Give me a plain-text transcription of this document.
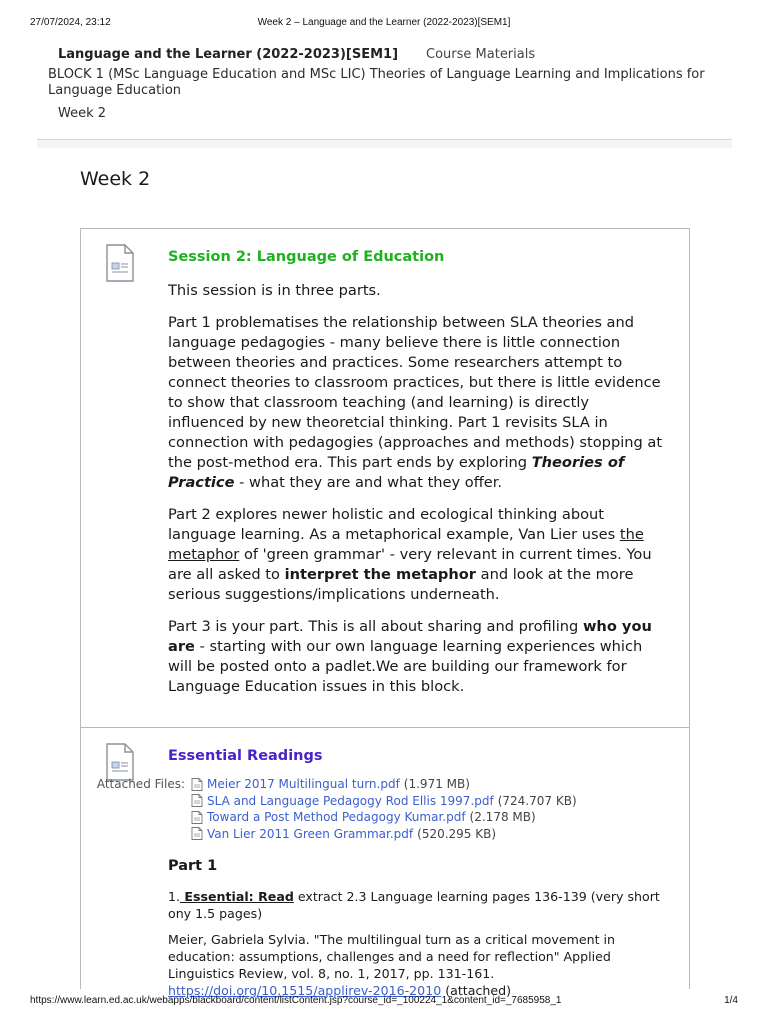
27/07/2024, 23:12	Week 2 – Language and the Learner (2022-2023)[SEM1]
Language and the Learner (2022-2023)[SEM1] Course Materials
BLOCK 1 (MSc Language Education and MSc LIC) Theories of Language Learning and Implications for Language Education
Week 2
Week 2
Session 2: Language of Education

This session is in three parts.

Part 1 problematises the relationship between SLA theories and language pedagogies - many believe there is little connection between theories and practices. Some researchers attempt to connect theories to classroom practices, but there is little evidence to show that classroom teaching (and learning) is directly influenced by new theoretcial thinking. Part 1 revisits SLA in connection with pedagogies (approaches and methods) stopping at the post-method era. This part ends by exploring Theories of Practice - what they are and what they offer.

Part 2 explores newer holistic and ecological thinking about language learning. As a metaphorical example, Van Lier uses the metaphor of 'green grammar' - very relevant in current times. You are all asked to interpret the metaphor and look at the more serious suggestions/implications underneath.

Part 3 is your part. This is all about sharing and profiling who you are - starting with our own language learning experiences which will be posted onto a padlet.We are building our framework for Language Education issues in this block.

Essential Readings
Attached Files:	Meier 2017 Multilingual turn.pdf (1.971 MB)
SLA and Language Pedagogy Rod Ellis 1997.pdf (724.707 KB)
Toward a Post Method Pedagogy Kumar.pdf (2.178 MB)
Van Lier 2011 Green Grammar.pdf (520.295 KB)
Part 1

1. Essential: Read extract 2.3 Language learning pages 136-139 (very short ony 1.5 pages)

Meier, Gabriela Sylvia. "The multilingual turn as a critical movement in education: assumptions, challenges and a need for reflection" Applied Linguistics Review, vol. 8, no. 1, 2017, pp. 131-161. https://doi.org/10.1515/applirev-2016-2010 (attached)

https://www.learn.ed.ac.uk/webapps/blackboard/content/listContent.jsp?course_id=_100224_1&content_id=_7685958_1	1/4
